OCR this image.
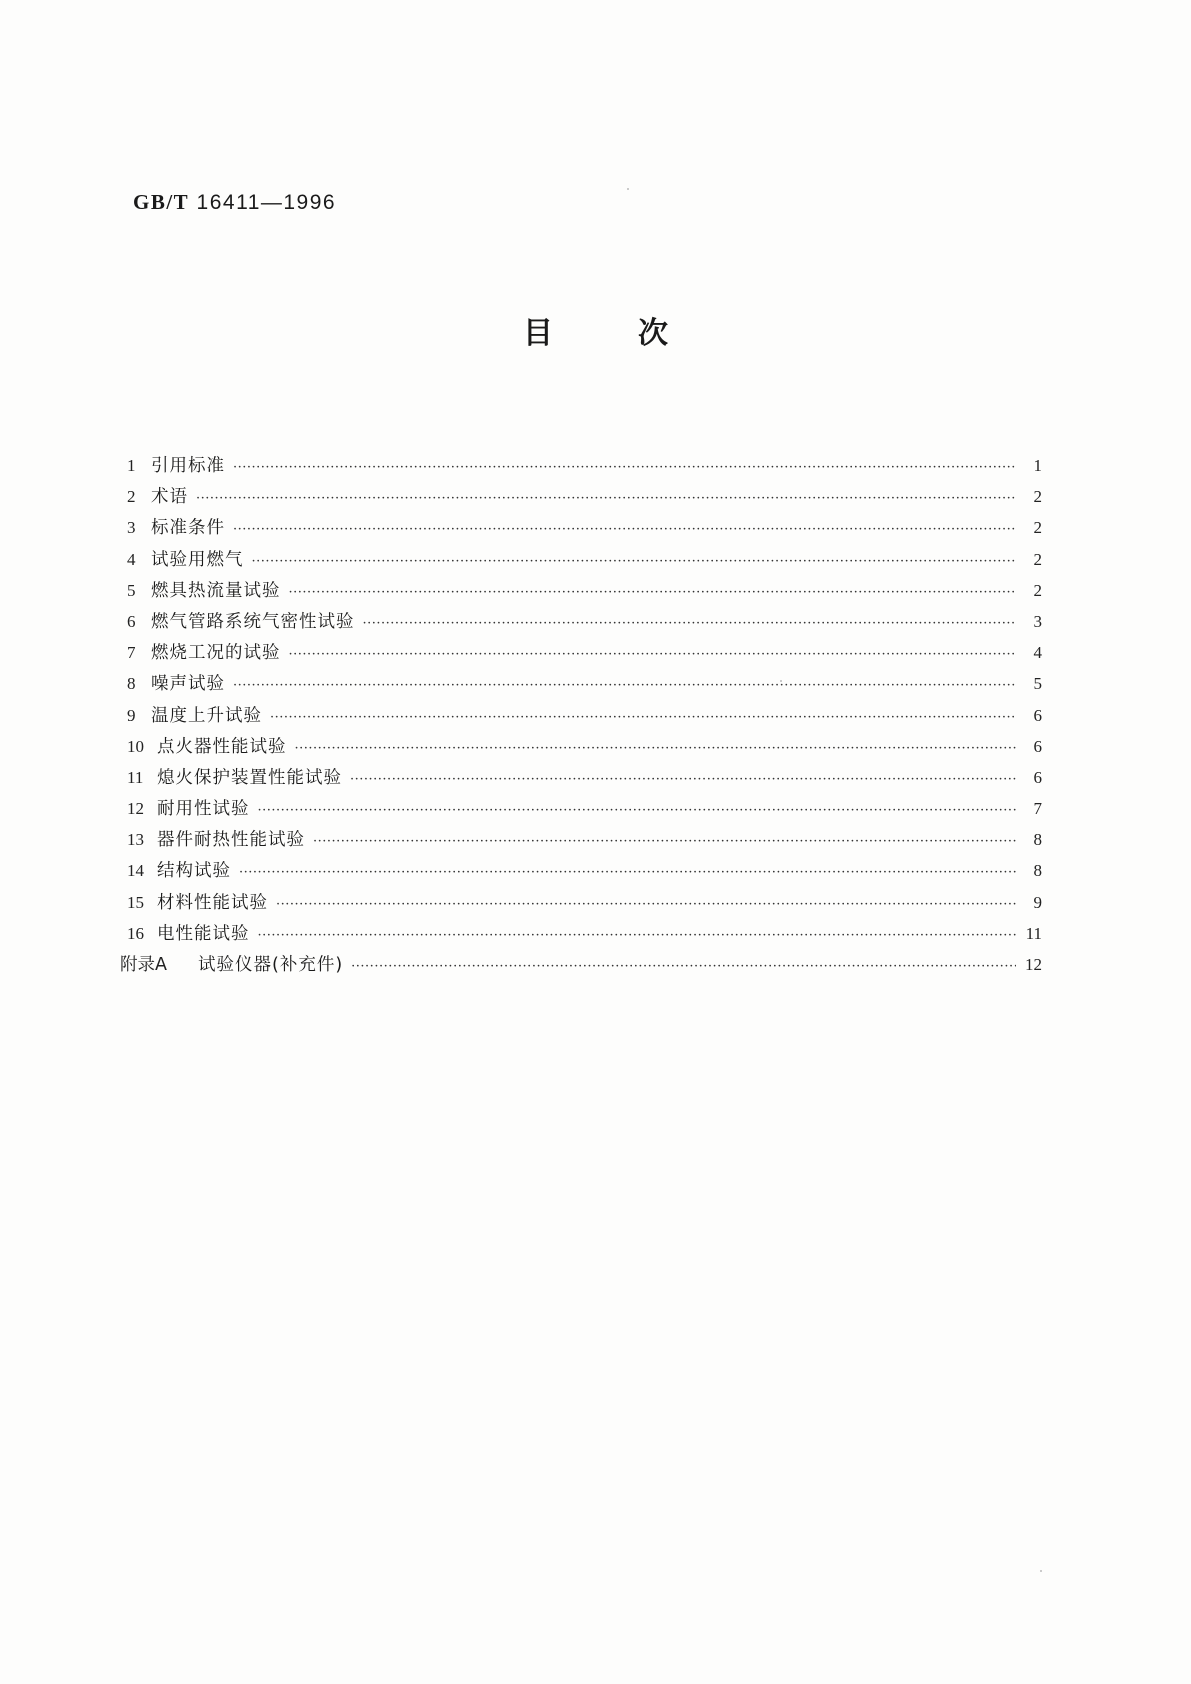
GB/T 16411—1996
目次
1 引用标准 ·····	1
2 术语 ·····	2
3 标准条件 ·····	2
4 试验用燃气 ·····	2
5 燃具热流量试验 ·····	2
6 燃气管路系统气密性试验 ·····	3
7 燃烧工况的试验 ·····	4
8 噪声试验 ·····	5
9 温度上升试验 ·····	6
10 点火器性能试验 ·····	6
11 熄火保护装置性能试验 ·····	6
12 耐用性试验 ·····	7
13 器件耐热性能试验 ·····	8
14 结构试验 ·····	8
15 材料性能试验 ·····	9
16 电性能试验 ·····	11
附录A	试验仪器(补充件) ·····	12
